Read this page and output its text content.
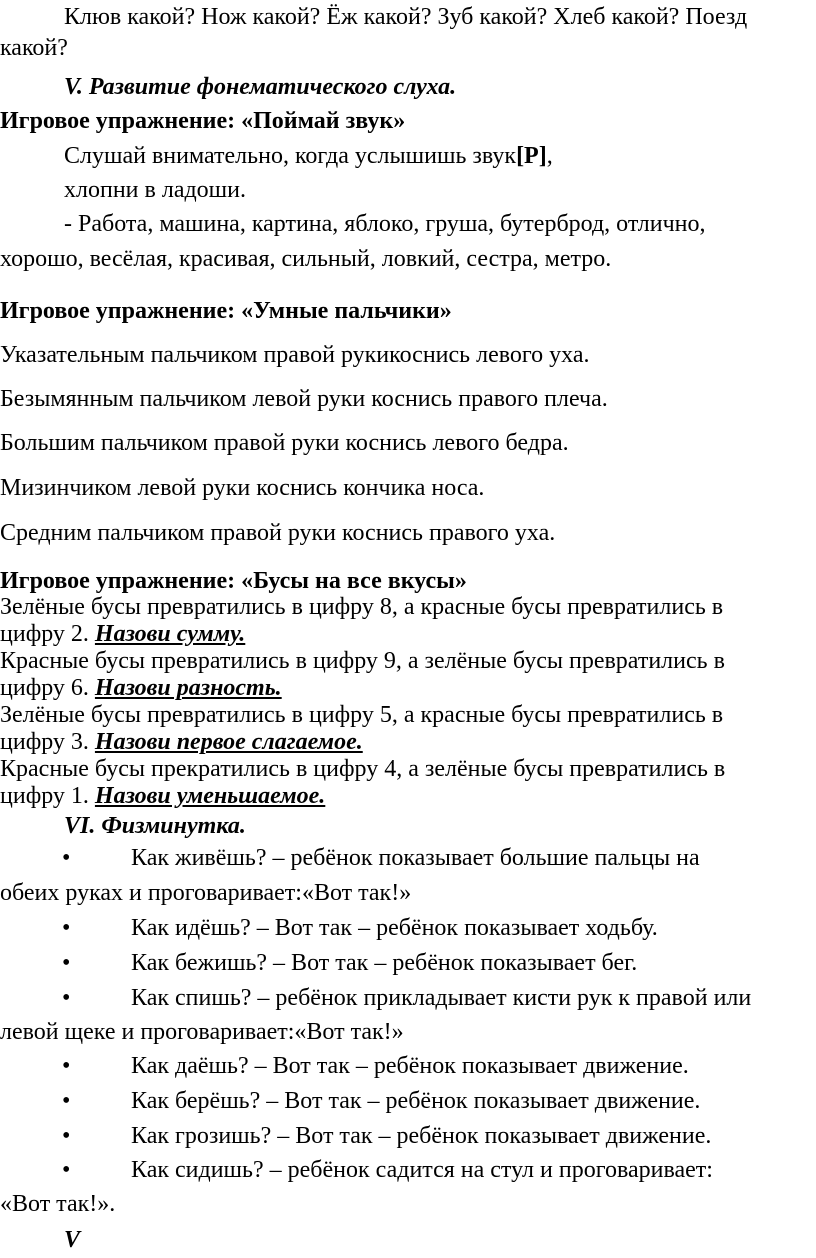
Клюв какой? Нож какой? Ёж какой? Зуб какой? Хлеб какой? Поезд
какой?
V. Развитие фонематического слуха.
Игровое упражнение: «Поймай звук»
Слушай внимательно, когда услышишь звук[Р],
хлопни в ладоши.
- Работа, машина, картина, яблоко, груша, бутерброд, отлично,
хорошо, весёлая, красивая, сильный, ловкий, сестра, метро.
Игровое упражнение: «Умные пальчики»
Указательным пальчиком правой рукикоснись левого уха.
Безымянным пальчиком левой руки коснись правого плеча.
Большим пальчиком правой руки коснись левого бедра.
Мизинчиком левой руки коснись кончика носа.
Средним пальчиком правой руки коснись правого уха.
Игровое упражнение: «Бусы на все вкусы»
Зелёные бусы превратились в цифру 8, а красные бусы превратились в
цифру 2. Назови сумму.
Красные бусы превратились в цифру 9, а зелёные бусы превратились в
цифру 6. Назови разность.
Зелёные бусы превратились в цифру 5, а красные бусы превратились в
цифру 3. Назови первое слагаемое.
Красные бусы прекратились в цифру 4, а зелёные бусы превратились в
цифру 1. Назови уменьшаемое.
VI. Физминутка.
•	Как живёшь? – ребёнок показывает большие пальцы на
обеих руках и проговаривает:«Вот так!»
•	Как идёшь? – Вот так – ребёнок показывает ходьбу.
•	Как бежишь? – Вот так – ребёнок показывает бег.
•	Как спишь? – ребёнок прикладывает кисти рук к правой или
левой щеке и проговаривает:«Вот так!»
•	Как даёшь? – Вот так – ребёнок показывает движение.
•	Как берёшь? – Вот так – ребёнок показывает движение.
•	Как грозишь? – Вот так – ребёнок показывает движение.
•	Как сидишь? – ребёнок садится на стул и проговаривает:
«Вот так!».
V
